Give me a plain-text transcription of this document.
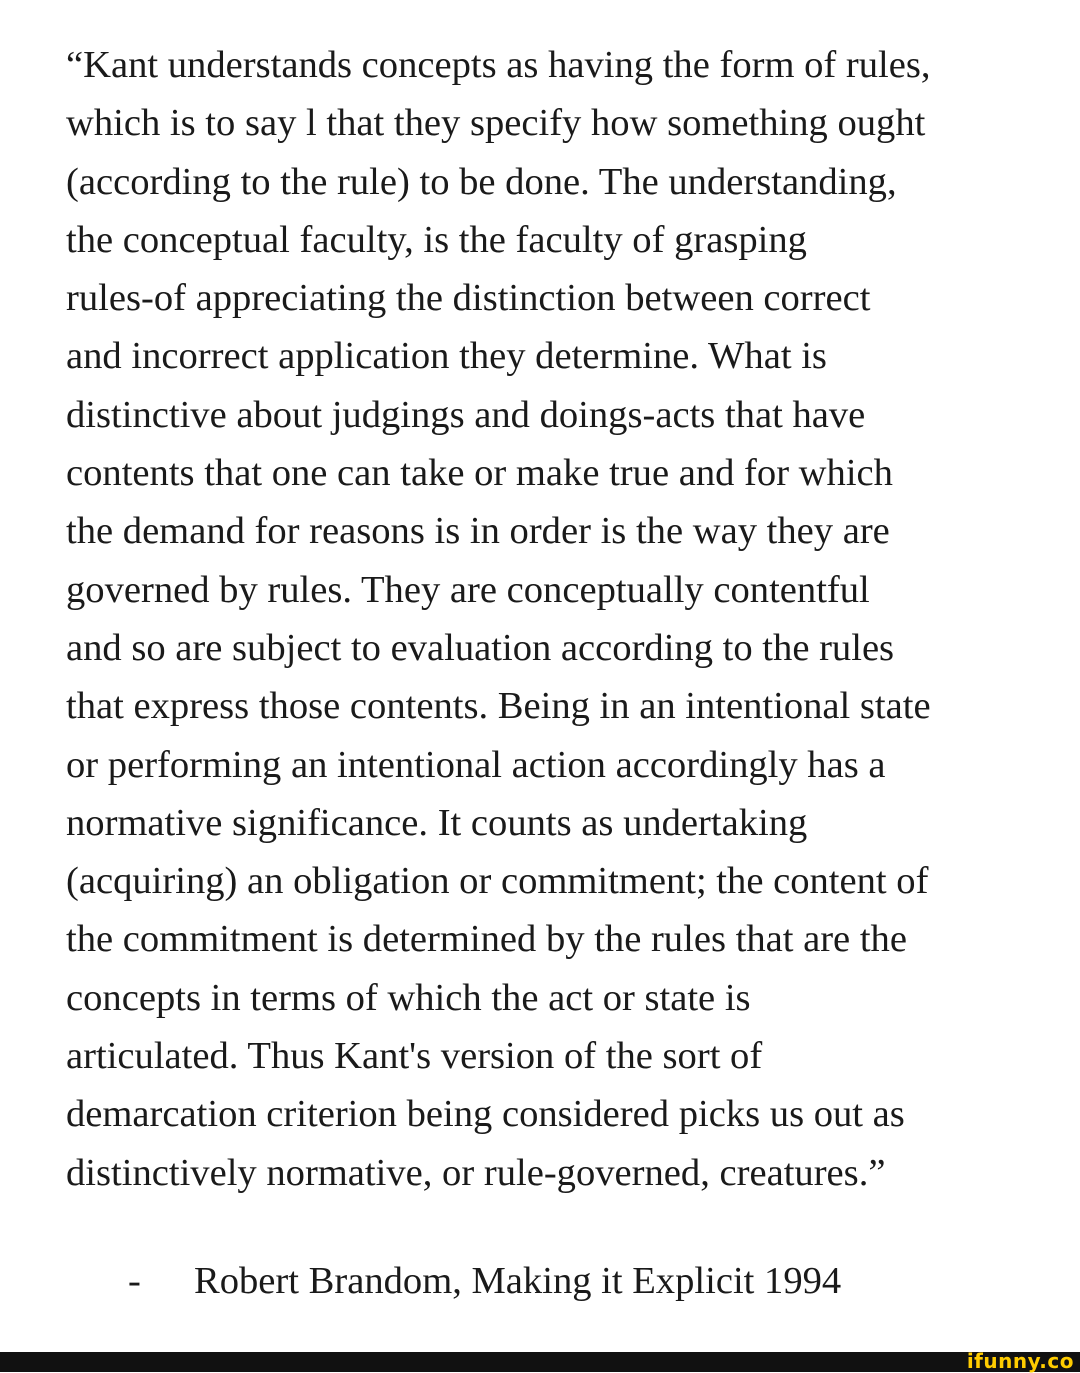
“Kant understands concepts as having the form of rules,
which is to say l that they specify how something ought
(according to the rule) to be done. The understanding,
the conceptual faculty, is the faculty of grasping
rules-of appreciating the distinction between correct
and incorrect application they determine. What is
distinctive about judgings and doings-acts that have
contents that one can take or make true and for which
the demand for reasons is in order is the way they are
governed by rules. They are conceptually contentful
and so are subject to evaluation according to the rules
that express those contents. Being in an intentional state
or performing an intentional action accordingly has a
normative significance. It counts as undertaking
(acquiring) an obligation or commitment; the content of
the commitment is determined by the rules that are the
concepts in terms of which the act or state is
articulated. Thus Kant's version of the sort of
demarcation criterion being considered picks us out as
distinctively normative, or rule-governed, creatures.”
- Robert Brandom, Making it Explicit 1994
ifunny.co
